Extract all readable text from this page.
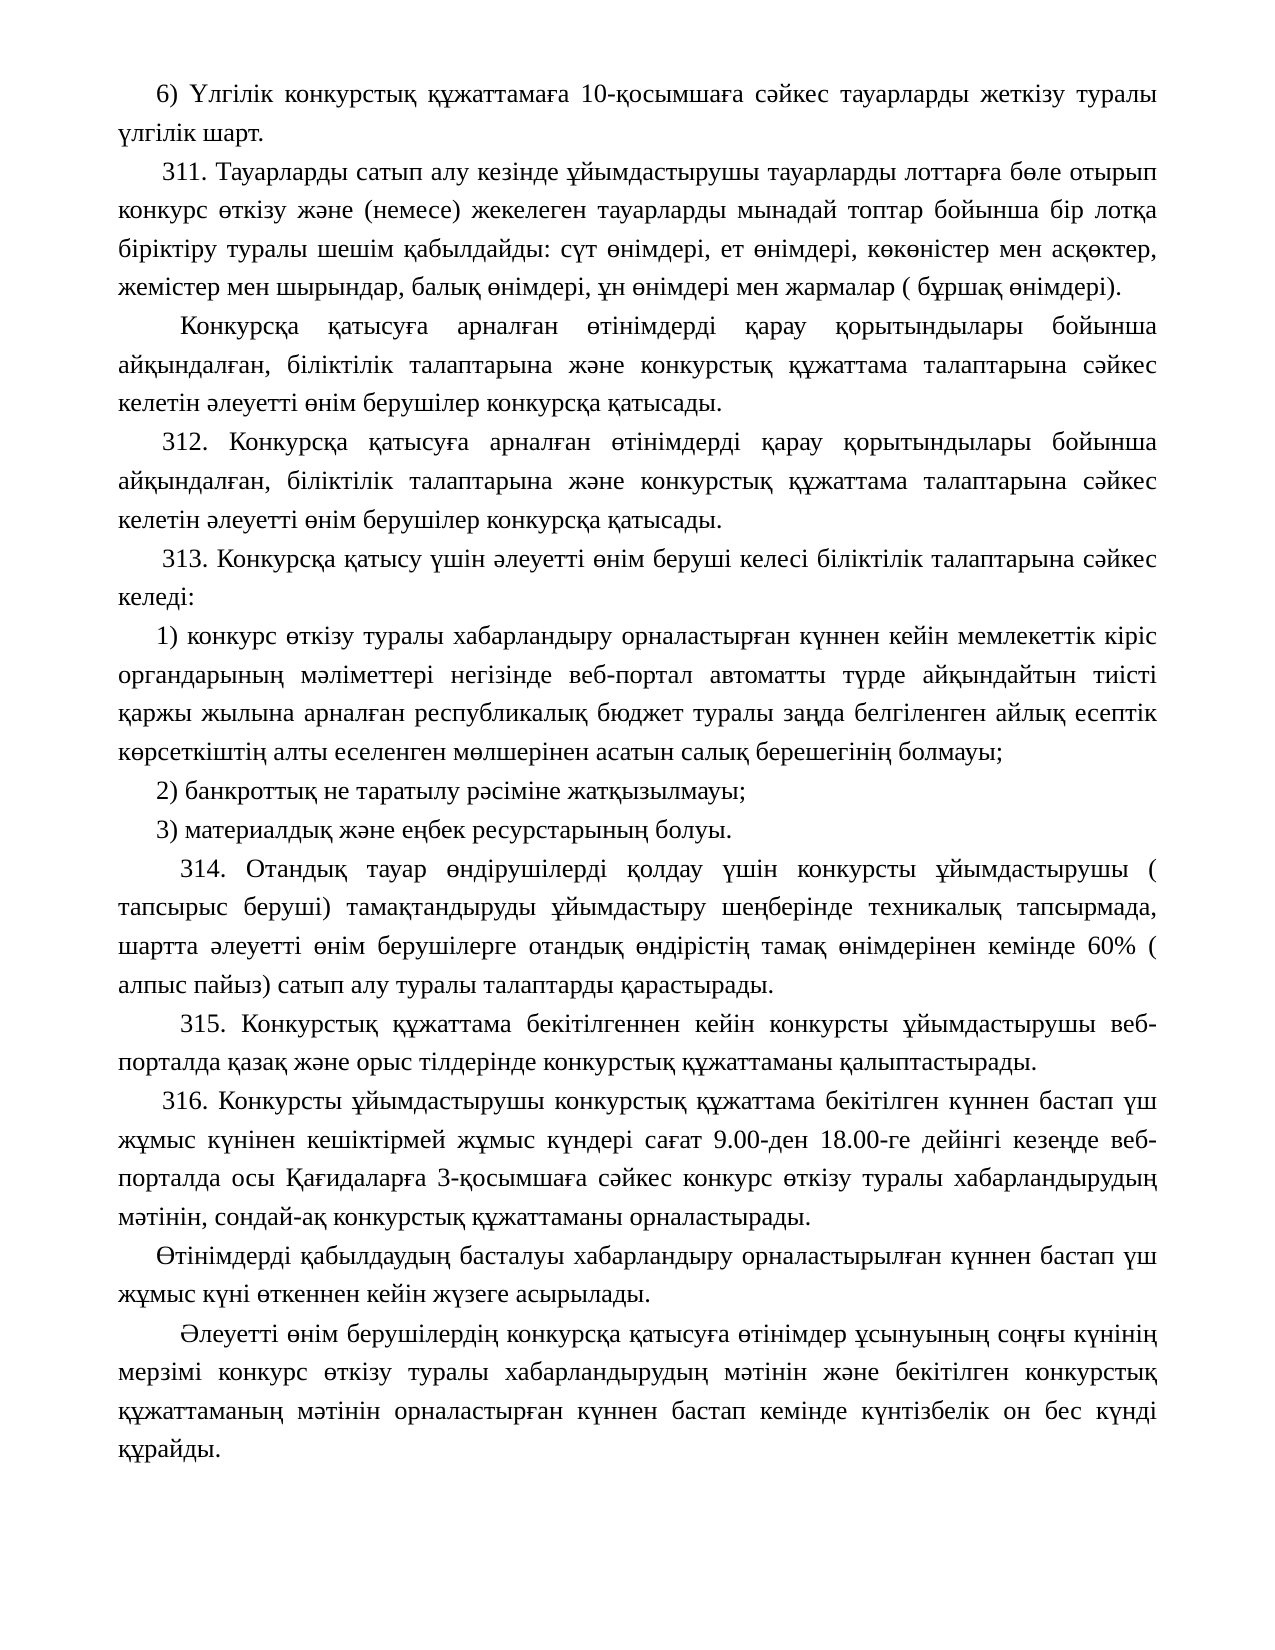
6) Үлгілік конкурстық құжаттамаға 10-қосымшаға сәйкес тауарларды жеткізу туралы үлгілік шарт.

311. Тауарларды сатып алу кезінде ұйымдастырушы тауарларды лоттарға бөле отырып конкурс өткізу және (немесе) жекелеген тауарларды мынадай топтар бойынша бір лотқа біріктіру туралы шешім қабылдайды: сүт өнімдері, ет өнімдері, көкөністер мен асқөктер, жемістер мен шырындар, балық өнімдері, ұн өнімдері мен жармалар ( бұршақ өнімдері).

Конкурсқа қатысуға арналған өтінімдерді қарау қорытындылары бойынша айқындалған, біліктілік талаптарына және конкурстық құжаттама талаптарына сәйкес келетін әлеуетті өнім берушілер конкурсқа қатысады.

312. Конкурсқа қатысуға арналған өтінімдерді қарау қорытындылары бойынша айқындалған, біліктілік талаптарына және конкурстық құжаттама талаптарына сәйкес келетін әлеуетті өнім берушілер конкурсқа қатысады.

313. Конкурсқа қатысу үшін әлеуетті өнім беруші келесі біліктілік талаптарына сәйкес келеді:

1) конкурс өткізу туралы хабарландыру орналастырған күннен кейін мемлекеттік кіріс органдарының мәліметтері негізінде веб-портал автоматты түрде айқындайтын тиісті қаржы жылына арналған республикалық бюджет туралы заңда белгіленген айлық есептік көрсеткіштің алты еселенген мөлшерінен асатын салық берешегінің болмауы;

2) банкроттық не таратылу рәсіміне жатқызылмауы;

3) материалдық және еңбек ресурстарының болуы.

314. Отандық тауар өндірушілерді қолдау үшін конкурсты ұйымдастырушы ( тапсырыс беруші) тамақтандыруды ұйымдастыру шеңберінде техникалық тапсырмада, шартта әлеуетті өнім берушілерге отандық өндірістің тамақ өнімдерінен кемінде 60% ( алпыс пайыз) сатып алу туралы талаптарды қарастырады.

315. Конкурстық құжаттама бекітілгеннен кейін конкурсты ұйымдастырушы веб-порталда қазақ және орыс тілдерінде конкурстық құжаттаманы қалыптастырады.

316. Конкурсты ұйымдастырушы конкурстық құжаттама бекітілген күннен бастап үш жұмыс күнінен кешіктірмей жұмыс күндері сағат 9.00-ден 18.00-ге дейінгі кезеңде веб-порталда осы Қағидаларға 3-қосымшаға сәйкес конкурс өткізу туралы хабарландырудың мәтінін, сондай-ақ конкурстық құжаттаманы орналастырады.

Өтінімдерді қабылдаудың басталуы хабарландыру орналастырылған күннен бастап үш жұмыс күні өткеннен кейін жүзеге асырылады.

Әлеуетті өнім берушілердің конкурсқа қатысуға өтінімдер ұсынуының соңғы күнінің мерзімі конкурс өткізу туралы хабарландырудың мәтінін және бекітілген конкурстық құжаттаманың мәтінін орналастырған күннен бастап кемінде күнтізбелік он бес күнді құрайды.
